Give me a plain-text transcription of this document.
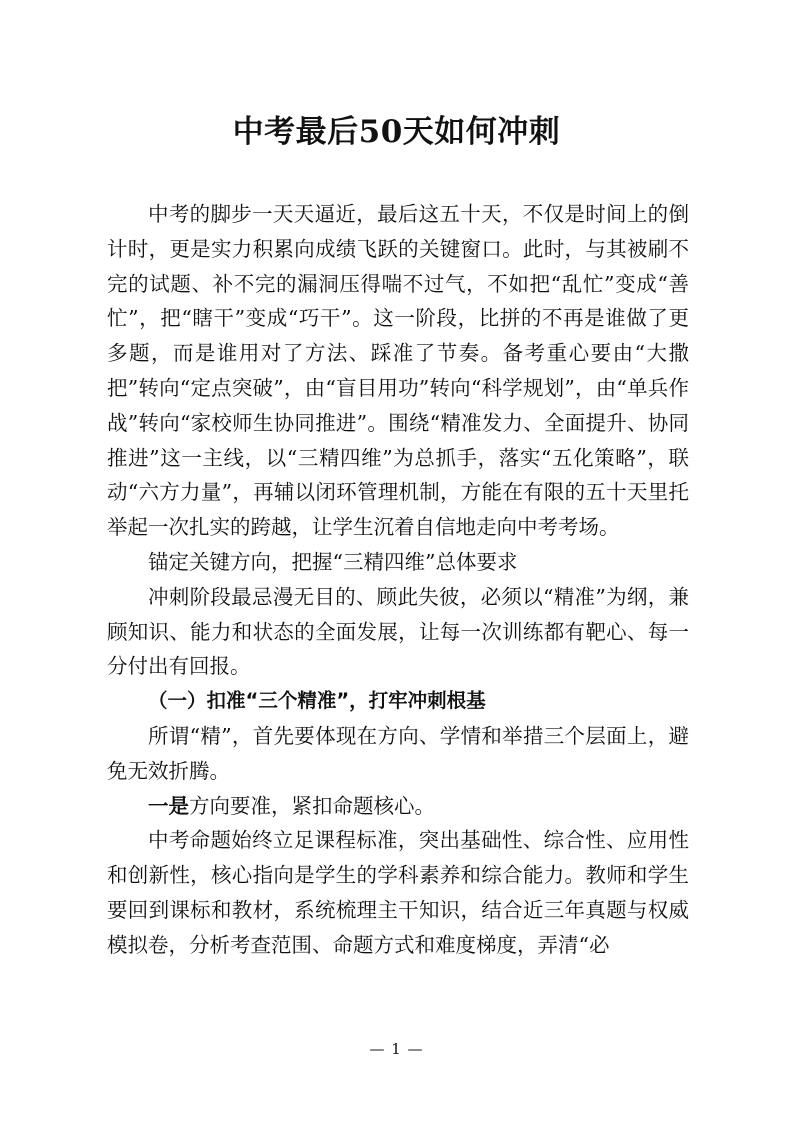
中考最后50天如何冲刺

中考的脚步一天天逼近，最后这五十天，不仅是时间上的倒计时，更是实力积累向成绩飞跃的关键窗口。此时，与其被刷不完的试题、补不完的漏洞压得喘不过气，不如把“乱忙”变成“善忙”，把“瞎干”变成“巧干”。这一阶段，比拼的不再是谁做了更多题，而是谁用对了方法、踩准了节奏。备考重心要由“大撒把”转向“定点突破”，由“盲目用功”转向“科学规划”，由“单兵作战”转向“家校师生协同推进”。围绕“精准发力、全面提升、协同推进”这一主线，以“三精四维”为总抓手，落实“五化策略”，联动“六方力量”，再辅以闭环管理机制，方能在有限的五十天里托举起一次扎实的跨越，让学生沉着自信地走向中考考场。

锚定关键方向，把握“三精四维”总体要求

冲刺阶段最忌漫无目的、顾此失彼，必须以“精准”为纲，兼顾知识、能力和状态的全面发展，让每一次训练都有靶心、每一分付出有回报。

（一）扣准“三个精准”，打牢冲刺根基

所谓“精”，首先要体现在方向、学情和举措三个层面上，避免无效折腾。

一是方向要准，紧扣命题核心。

中考命题始终立足课程标准，突出基础性、综合性、应用性和创新性，核心指向是学生的学科素养和综合能力。教师和学生要回到课标和教材，系统梳理主干知识，结合近三年真题与权威模拟卷，分析考查范围、命题方式和难度梯度，弄清“必

— 1 —
